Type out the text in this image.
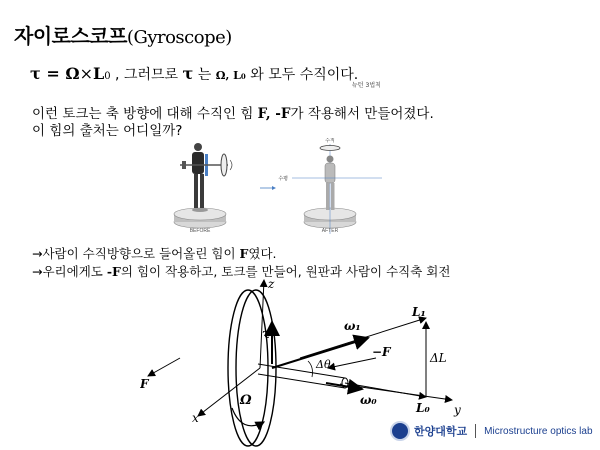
자이로스코프(Gyroscope)
τ = Ω×L0 , 그러므로 τ 는 Ω, L0 와 모두 수직이다.
뉴턴 3법칙
이런 토크는 축 방향에 대해 수직인 힘 F, -F가 작용해서 만들어졌다.
이 힘의 출처는 어디일까?
BEFORE
수직
수평
AFTER
→사람이 수직방향으로 들어올린 힘이 F였다.
→우리에게도 -F의 힘이 작용하고, 토크를 만들어, 원판과 사람이 수직축 회전
z
x
y
τ
Ω
ω₁
ω₀
L₁
L₀
ΔL
Δθ
−F
F
한양대학교 Microstructure optics lab
